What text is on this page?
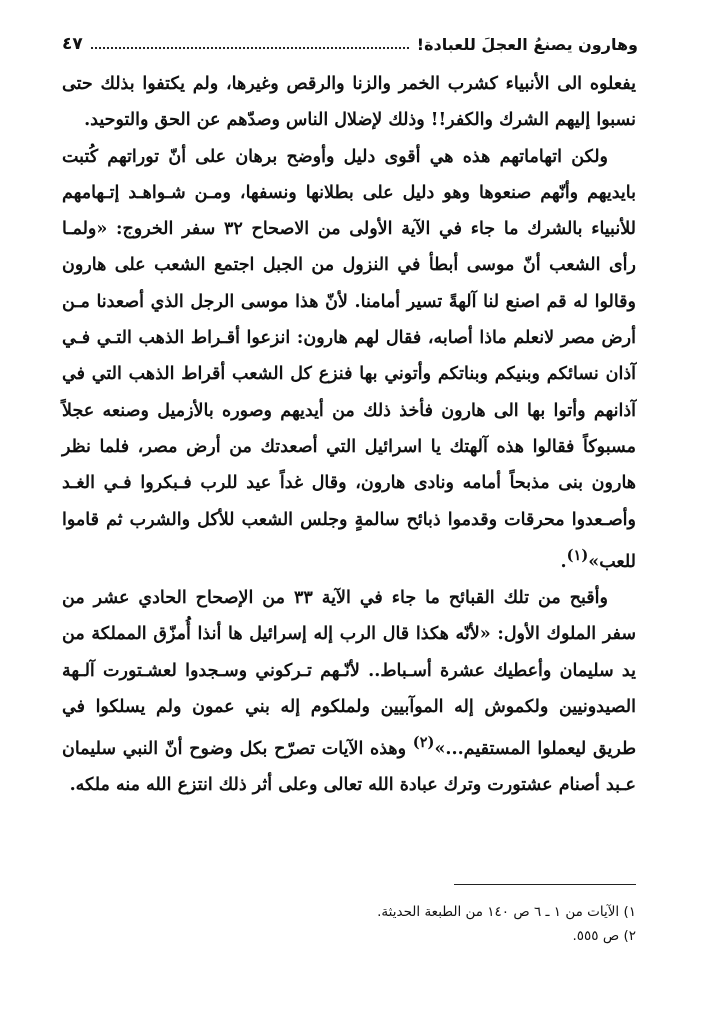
وهارون يصنعُ العجلَ للعبادة!
٤٧

يفعلوه الى الأنبياء كشرب الخمر والزنا والرقص وغيرها، ولم يكتفوا بذلك حتى نسبوا إليهم الشرك والكفر!! وذلك لإضلال الناس وصدّهم عن الحق والتوحيد.

ولكن اتهاماتهم هذه هي أقوى دليل وأوضح برهان على أنّ توراتهم كُتبت بايديهم وأنّهم صنعوها وهو دليل على بطلانها ونسفها، ومـن شـواهـد إتـهامهم للأنبياء بالشرك ما جاء في الآية الأولى من الاصحاح ٣٢ سفر الخروج: «ولمـا رأى الشعب أنّ موسى أبطأ في النزول من الجبل اجتمع الشعب على هارون وقالوا له قم اصنع لنا آلهةً تسير أمامنا. لأنّ هذا موسى الرجل الذي أصعدنا مـن أرض مصر لانعلم ماذا أصابه، فقال لهم هارون: انزعوا أقـراط الذهب التـي فـي آذان نسائكم وبنيكم وبناتكم وأتوني بها فنزع كل الشعب أقراط الذهب التي في آذانهم وأتوا بها الى هارون فأخذ ذلك من أيديهم وصوره بالأزميل وصنعه عجلاً مسبوكاً فقالوا هذه آلهتك يا اسرائيل التي أصعدتك من أرض مصر، فلما نظر هارون بنى مذبحاً أمامه ونادى هارون، وقال غداً عيد للرب فـبكروا فـي الغـد وأصـعدوا محرقات وقدموا ذبائح سالمةٍ وجلس الشعب للأكل والشرب ثم قاموا للعب»$^{(١)}$.

وأقبح من تلك القبائح ما جاء في الآية ٣٣ من الإصحاح الحادي عشر من سفر الملوك الأول: «لأنّه هكذا قال الرب إله إسرائيل ها أنذا أُمزّق المملكة من يد سليمان وأعطيك عشرة أسـباط.. لأنّـهم تـركوني وسـجدوا لعشـتورت آلـهة الصيدونيين ولكموش إله الموآبيين ولملكوم إله بني عمون ولم يسلكوا في طريق ليعملوا المستقيم...»$^{(٢)}$ وهذه الآيات تصرّح بكل وضوح أنّ النبي سليمان عـبد أصنام عشتورت وترك عبادة الله تعالى وعلى أثر ذلك انتزع الله منه ملكه.

١) الآيات من ١ ـ ٦ ص ١٤٠ من الطبعة الحديثة.
٢) ص ٥٥٥.
